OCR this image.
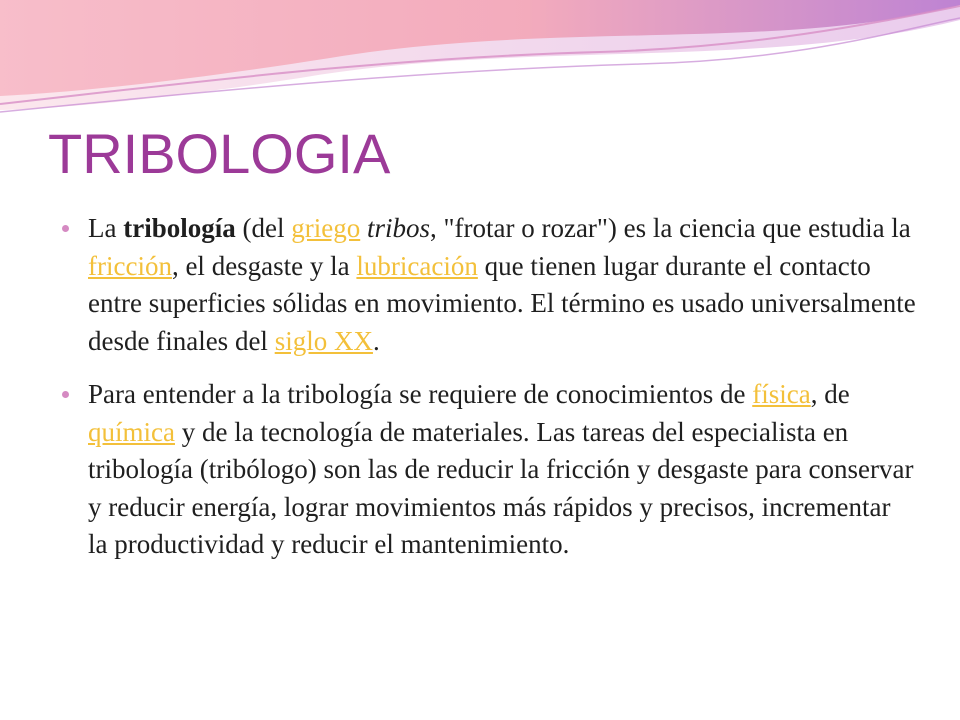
TRIBOLOGIA

La tribología (del griego tribos, "frotar o rozar") es la ciencia que estudia la fricción, el desgaste y la lubricación que tienen lugar durante el contacto entre superficies sólidas en movimiento. El término es usado universalmente desde finales del siglo XX.

Para entender a la tribología se requiere de conocimientos de física, de química y de la tecnología de materiales. Las tareas del especialista en tribología (tribólogo) son las de reducir la fricción y desgaste para conservar y reducir energía, lograr movimientos más rápidos y precisos, incrementar la productividad y reducir el mantenimiento.
